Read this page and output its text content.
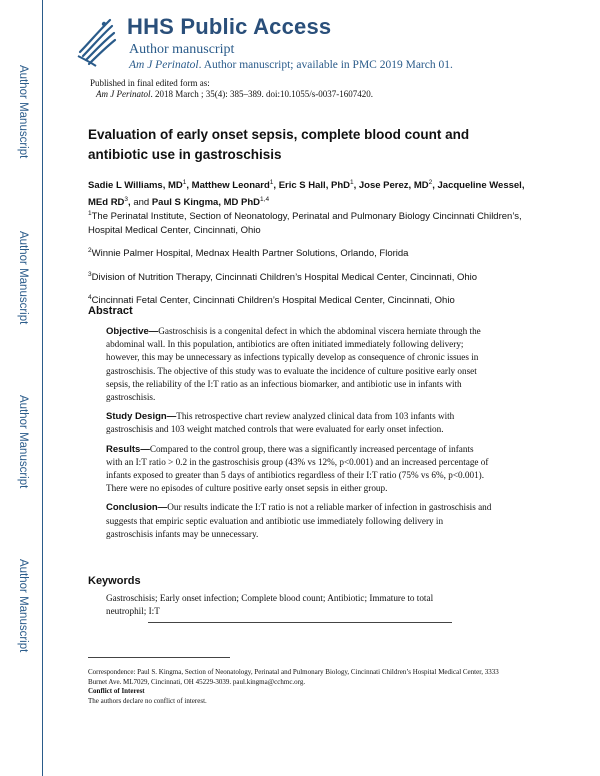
Author Manuscript
Author Manuscript
Author Manuscript
Author Manuscript
HHS Public Access
Author manuscript
Am J Perinatol. Author manuscript; available in PMC 2019 March 01.
Published in final edited form as:
Am J Perinatol. 2018 March ; 35(4): 385–389. doi:10.1055/s-0037-1607420.
Evaluation of early onset sepsis, complete blood count and antibiotic use in gastroschisis
Sadie L Williams, $MD^1$, Matthew Leonard$^1$, Eric S Hall, PhD$^1$, Jose Perez, $MD^2$, Jacqueline Wessel, MEd $RD^3$, and Paul S Kingma, MD PhD$^{1,4}$
$^1$The Perinatal Institute, Section of Neonatology, Perinatal and Pulmonary Biology Cincinnati Children’s, Hospital Medical Center, Cincinnati, Ohio
$^2$Winnie Palmer Hospital, Mednax Health Partner Solutions, Orlando, Florida
$^3$Division of Nutrition Therapy, Cincinnati Children’s Hospital Medical Center, Cincinnati, Ohio
$^4$Cincinnati Fetal Center, Cincinnati Children’s Hospital Medical Center, Cincinnati, Ohio
Abstract

Objective—Gastroschisis is a congenital defect in which the abdominal viscera herniate through the abdominal wall. In this population, antibiotics are often initiated immediately following delivery; however, this may be unnecessary as infections typically develop as consequence of chronic issues in gastroschisis. The objective of this study was to evaluate the incidence of culture positive early onset sepsis, the reliability of the I:T ratio as an infectious biomarker, and antibiotic use in infants with gastroschisis.

Study Design—This retrospective chart review analyzed clinical data from 103 infants with gastroschisis and 103 weight matched controls that were evaluated for early onset infection.

Results—Compared to the control group, there was a significantly increased percentage of infants with an I:T ratio > 0.2 in the gastroschisis group (43% vs 12%, p<0.001) and an increased percentage of infants exposed to greater than 5 days of antibiotics regardless of their I:T ratio (75% vs 6%, p<0.001). There were no episodes of culture positive early onset sepsis in either group.

Conclusion—Our results indicate the I:T ratio is not a reliable marker of infection in gastroschisis and suggests that empiric septic evaluation and antibiotic use immediately following delivery in gastroschisis infants may be unnecessary.

Keywords
Gastroschisis; Early onset infection; Complete blood count; Antibiotic; Immature to total neutrophil; I:T
Correspondence: Paul S. Kingma, Section of Neonatology, Perinatal and Pulmonary Biology, Cincinnati Children’s Hospital Medical Center, 3333 Burnet Ave. ML7029, Cincinnati, OH 45229-3039. paul.kingma@cchmc.org.
Conflict of Interest
The authors declare no conflict of interest.
